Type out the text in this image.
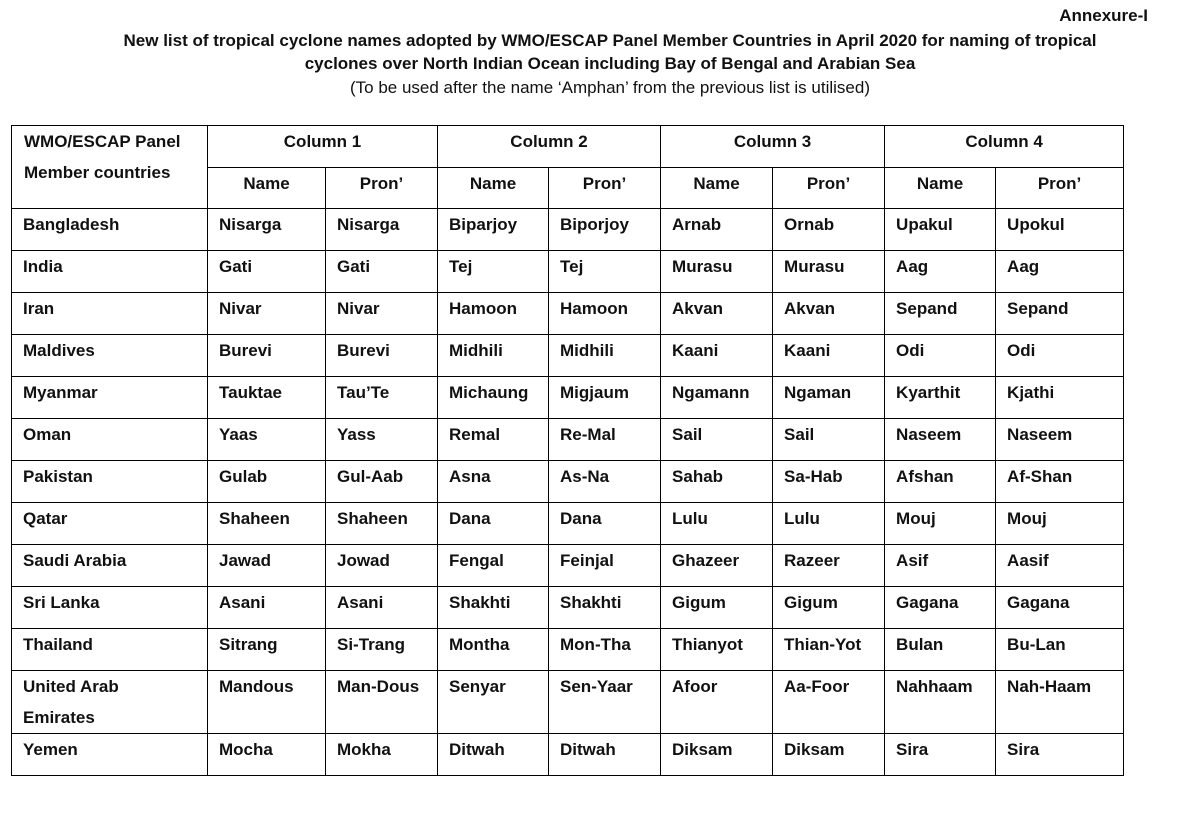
Annexure-I
New list of tropical cyclone names adopted by WMO/ESCAP Panel Member Countries in April 2020 for naming of tropical
cyclones over North Indian Ocean including Bay of Bengal and Arabian Sea
(To be used after the name ‘Amphan’ from the previous list is utilised)
WMO/ESCAP Panel
Member countries	Column 1		Column 2		Column 3		Column 4	
	Name	Pron’	Name	Pron’	Name	Pron’	Name	Pron’

Bangladesh	Nisarga	Nisarga	Biparjoy	Biporjoy	Arnab	Ornab	Upakul	Upokul

India	Gati	Gati	Tej	Tej	Murasu	Murasu	Aag	Aag

Iran	Nivar	Nivar	Hamoon	Hamoon	Akvan	Akvan	Sepand	Sepand

Maldives	Burevi	Burevi	Midhili	Midhili	Kaani	Kaani	Odi	Odi

Myanmar	Tauktae	Tau’Te	Michaung	Migjaum	Ngamann	Ngaman	Kyarthit	Kjathi

Oman	Yaas	Yass	Remal	Re-Mal	Sail	Sail	Naseem	Naseem

Pakistan	Gulab	Gul-Aab	Asna	As-Na	Sahab	Sa-Hab	Afshan	Af-Shan

Qatar	Shaheen	Shaheen	Dana	Dana	Lulu	Lulu	Mouj	Mouj

Saudi Arabia	Jawad	Jowad	Fengal	Feinjal	Ghazeer	Razeer	Asif	Aasif

Sri Lanka	Asani	Asani	Shakhti	Shakhti	Gigum	Gigum	Gagana	Gagana

Thailand	Sitrang	Si-Trang	Montha	Mon-Tha	Thianyot	Thian-Yot	Bulan	Bu-Lan

United Arab
Emirates	Mandous	Man-Dous	Senyar	Sen-Yaar	Afoor	Aa-Foor	Nahhaam	Nah-Haam

Yemen	Mocha	Mokha	Ditwah	Ditwah	Diksam	Diksam	Sira	Sira
